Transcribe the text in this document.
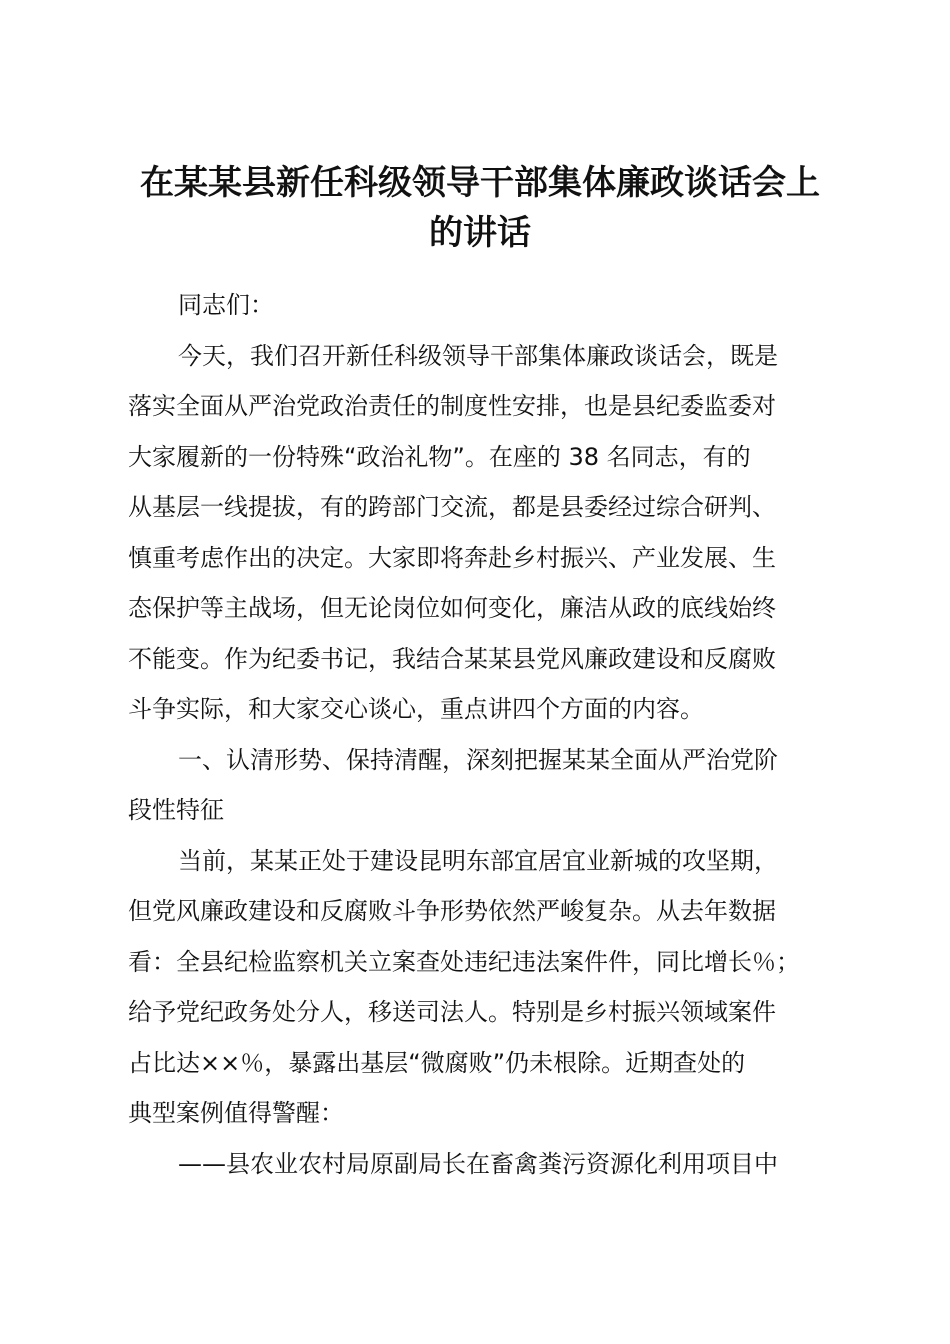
在某某县新任科级领导干部集体廉政谈话会上
的讲话

同志们：

今天，我们召开新任科级领导干部集体廉政谈话会，既是

落实全面从严治党政治责任的制度性安排，也是县纪委监委对

大家履新的一份特殊“政治礼物”。在座的 38 名同志，有的

从基层一线提拔，有的跨部门交流，都是县委经过综合研判、

慎重考虑作出的决定。大家即将奔赴乡村振兴、产业发展、生

态保护等主战场，但无论岗位如何变化，廉洁从政的底线始终

不能变。作为纪委书记，我结合某某县党风廉政建设和反腐败

斗争实际，和大家交心谈心，重点讲四个方面的内容。

一、认清形势、保持清醒，深刻把握某某全面从严治党阶

段性特征

当前，某某正处于建设昆明东部宜居宜业新城的攻坚期，

但党风廉政建设和反腐败斗争形势依然严峻复杂。从去年数据

看：全县纪检监察机关立案查处违纪违法案件件，同比增长％；

给予党纪政务处分人，移送司法人。特别是乡村振兴领域案件

占比达××％，暴露出基层“微腐败”仍未根除。近期查处的

典型案例值得警醒：

——县农业农村局原副局长在畜禽粪污资源化利用项目中
